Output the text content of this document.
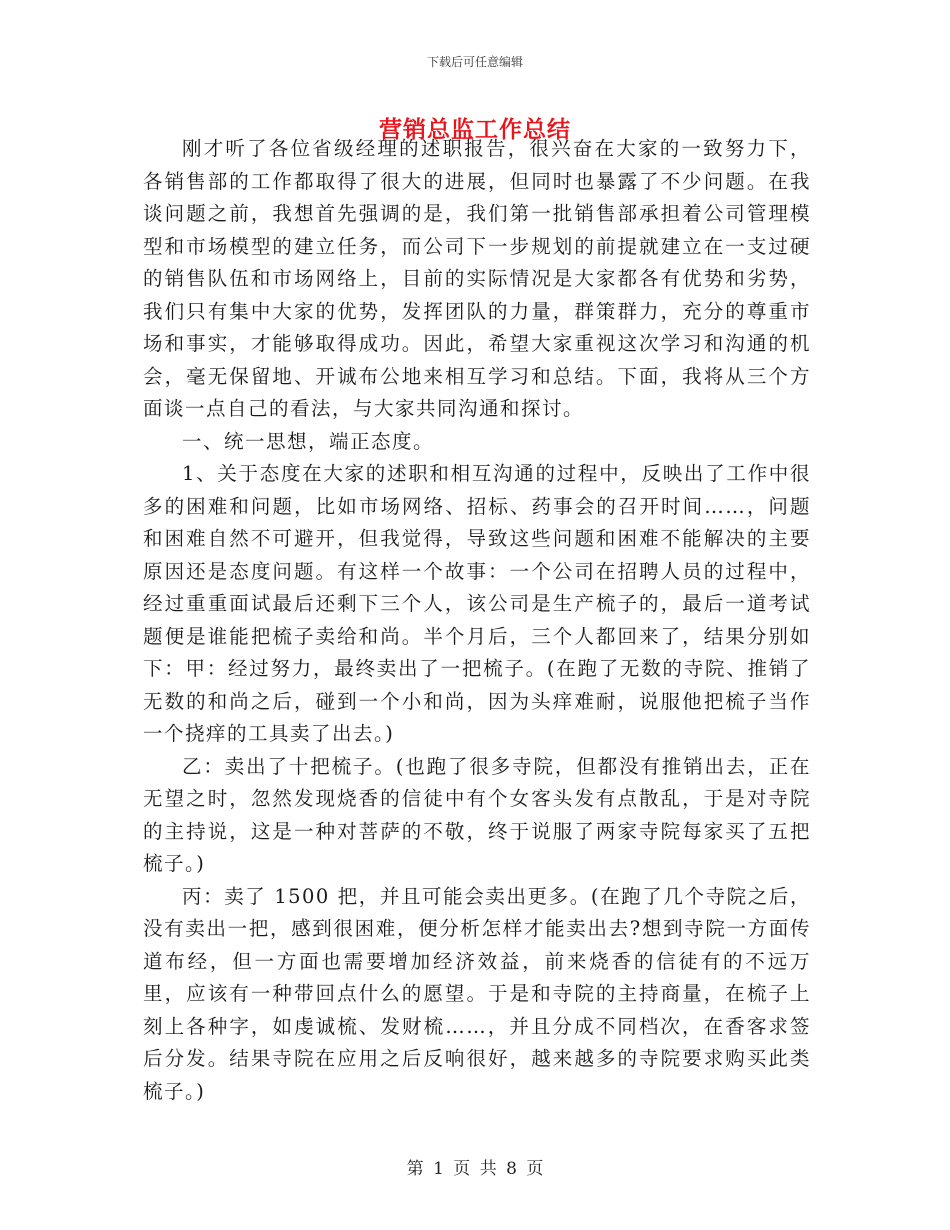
下载后可任意编辑
营销总监工作总结

刚才听了各位省级经理的述职报告，很兴奋在大家的一致努力下，各销售部的工作都取得了很大的进展，但同时也暴露了不少问题。在我谈问题之前，我想首先强调的是，我们第一批销售部承担着公司管理模型和市场模型的建立任务，而公司下一步规划的前提就建立在一支过硬的销售队伍和市场网络上，目前的实际情况是大家都各有优势和劣势，我们只有集中大家的优势，发挥团队的力量，群策群力，充分的尊重市场和事实，才能够取得成功。因此，希望大家重视这次学习和沟通的机会，毫无保留地、开诚布公地来相互学习和总结。下面，我将从三个方面谈一点自己的看法，与大家共同沟通和探讨。

一、统一思想，端正态度。

1、关于态度在大家的述职和相互沟通的过程中，反映出了工作中很多的困难和问题，比如市场网络、招标、药事会的召开时间……，问题和困难自然不可避开，但我觉得，导致这些问题和困难不能解决的主要原因还是态度问题。有这样一个故事：一个公司在招聘人员的过程中，经过重重面试最后还剩下三个人，该公司是生产梳子的，最后一道考试题便是谁能把梳子卖给和尚。半个月后，三个人都回来了，结果分别如下：甲：经过努力，最终卖出了一把梳子。(在跑了无数的寺院、推销了无数的和尚之后，碰到一个小和尚，因为头痒难耐，说服他把梳子当作一个挠痒的工具卖了出去。)

乙：卖出了十把梳子。(也跑了很多寺院，但都没有推销出去，正在无望之时，忽然发现烧香的信徒中有个女客头发有点散乱，于是对寺院的主持说，这是一种对菩萨的不敬，终于说服了两家寺院每家买了五把梳子。)

丙：卖了 1500 把，并且可能会卖出更多。(在跑了几个寺院之后，没有卖出一把，感到很困难，便分析怎样才能卖出去?想到寺院一方面传道布经，但一方面也需要增加经济效益，前来烧香的信徒有的不远万里，应该有一种带回点什么的愿望。于是和寺院的主持商量，在梳子上刻上各种字，如虔诚梳、发财梳……，并且分成不同档次，在香客求签后分发。结果寺院在应用之后反响很好，越来越多的寺院要求购买此类梳子。)

第 1 页 共 8 页
